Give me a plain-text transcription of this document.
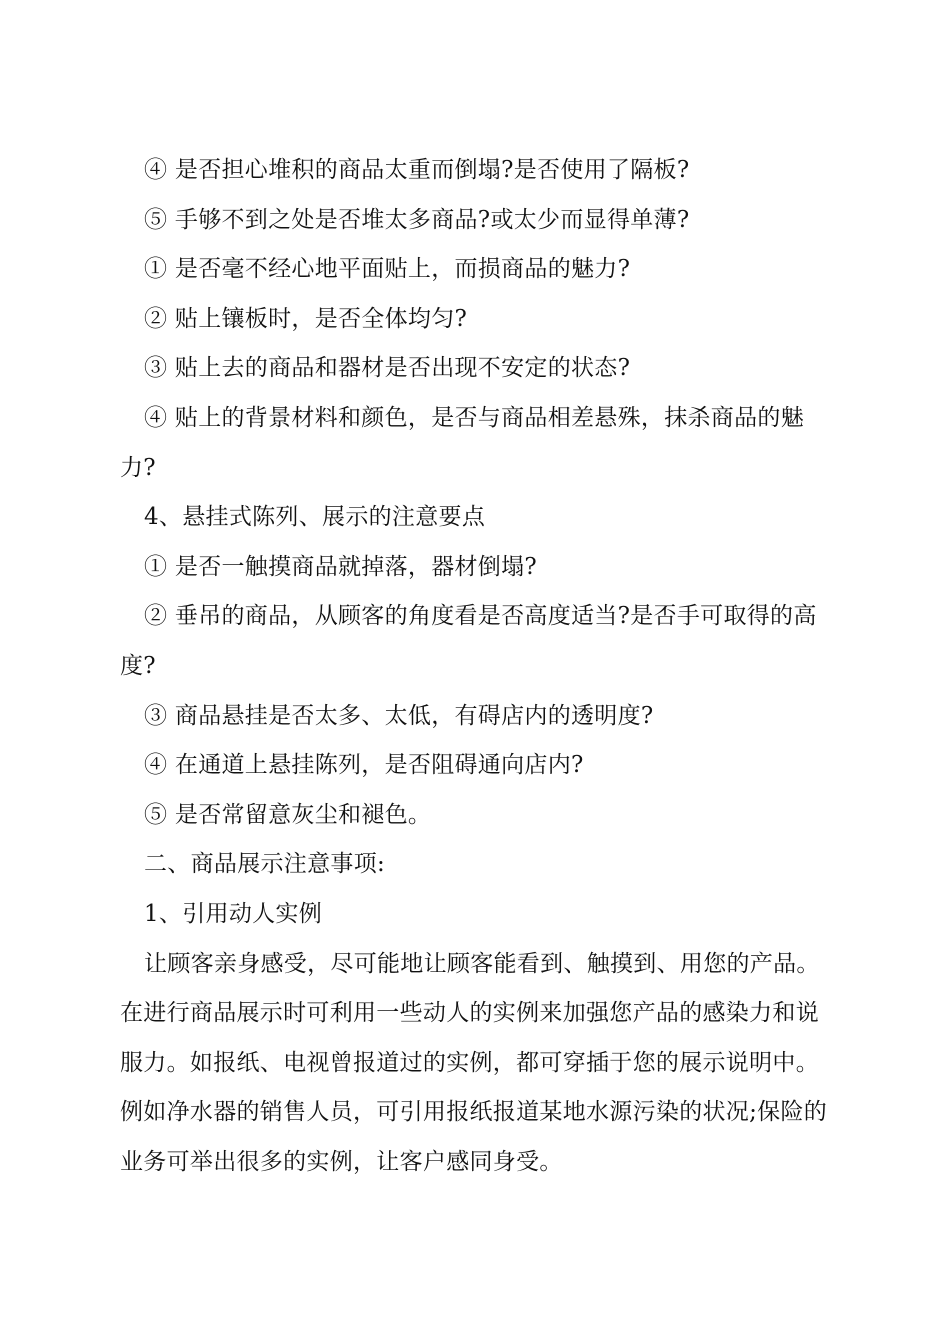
④ 是否担心堆积的商品太重而倒塌?是否使用了隔板?

⑤ 手够不到之处是否堆太多商品?或太少而显得单薄?

① 是否毫不经心地平面贴上，而损商品的魅力?

② 贴上镶板时，是否全体均匀?

③ 贴上去的商品和器材是否出现不安定的状态?

④ 贴上的背景材料和颜色，是否与商品相差悬殊，抹杀商品的魅力?

4、悬挂式陈列、展示的注意要点

① 是否一触摸商品就掉落，器材倒塌?

② 垂吊的商品，从顾客的角度看是否高度适当?是否手可取得的高度?

③ 商品悬挂是否太多、太低，有碍店内的透明度?

④ 在通道上悬挂陈列，是否阻碍通向店内?

⑤ 是否常留意灰尘和褪色。

二、商品展示注意事项:

1、引用动人实例

让顾客亲身感受，尽可能地让顾客能看到、触摸到、用您的产品。在进行商品展示时可利用一些动人的实例来加强您产品的感染力和说服力。如报纸、电视曾报道过的实例，都可穿插于您的展示说明中。例如净水器的销售人员，可引用报纸报道某地水源污染的状况;保险的业务可举出很多的实例，让客户感同身受。
